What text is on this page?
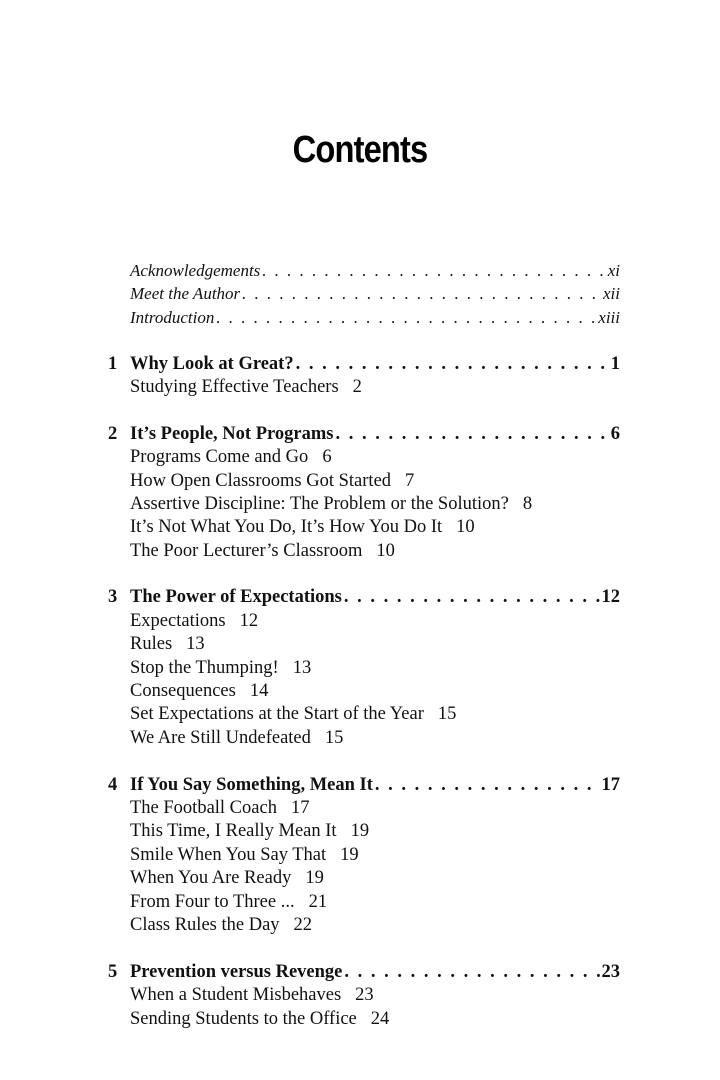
Contents
Acknowledgements . . .	xi
Meet the Author . . .	xii
Introduction . . .	xiii
1 Why Look at Great? . . .	1
Studying Effective Teachers 2
2 It’s People, Not Programs . . .	6
Programs Come and Go 6
How Open Classrooms Got Started 7
Assertive Discipline: The Problem or the Solution? 8
It’s Not What You Do, It’s How You Do It 10
The Poor Lecturer’s Classroom 10
3 The Power of Expectations . . .	12
Expectations 12
Rules 13
Stop the Thumping! 13
Consequences 14
Set Expectations at the Start of the Year 15
We Are Still Undefeated 15
4 If You Say Something, Mean It . . .	17
The Football Coach 17
This Time, I Really Mean It 19
Smile When You Say That 19
When You Are Ready 19
From Four to Three ... 21
Class Rules the Day 22
5 Prevention versus Revenge . . .	23
When a Student Misbehaves 23
Sending Students to the Office 24
